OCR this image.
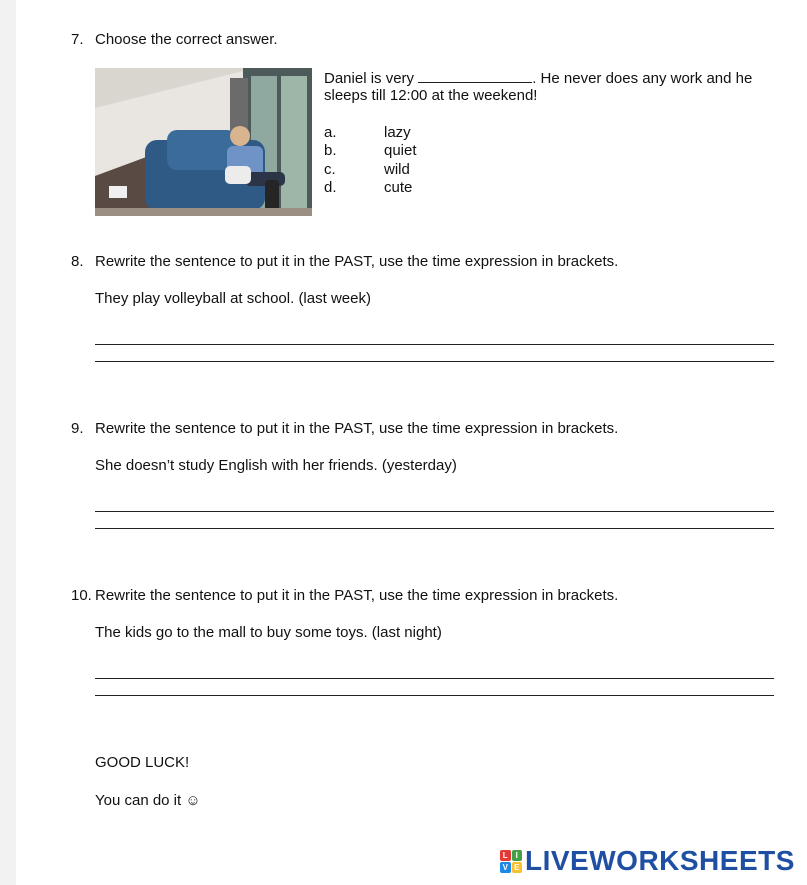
7. Choose the correct answer.
Daniel is very	. He never does any work and he
sleeps till 12:00 at the weekend!
a.	lazy
b.	quiet
c.	wild
d.	cute
8. Rewrite the sentence to put it in the PAST, use the time expression in brackets.
They play volleyball at school. (last week)
9. Rewrite the sentence to put it in the PAST, use the time expression in brackets.
She doesn’t study English with her friends. (yesterday)
10. Rewrite the sentence to put it in the PAST, use the time expression in brackets.
The kids go to the mall to buy some toys. (last night)
GOOD LUCK!
You can do it ☺
L I
V E LIVEWORKSHEETS
